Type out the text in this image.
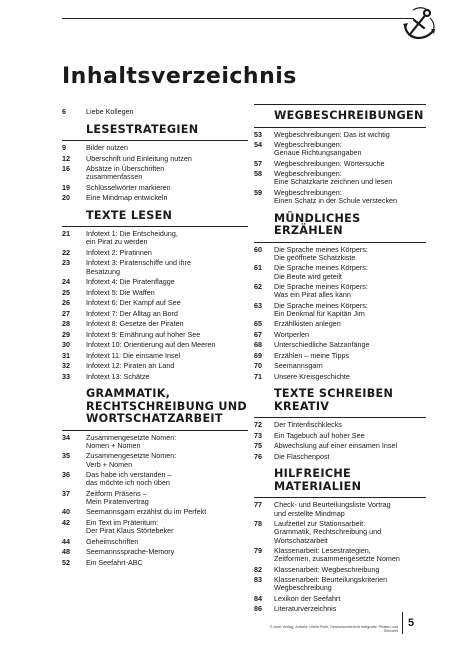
Inhaltsverzeichnis
6	Liebe Kollegen
LESESTRATEGIEN
9	Bilder nutzen
12	Überschrift und Einleitung nutzen
16	Absätze in Überschriften
zusammenfassen
19	Schlüsselwörter markieren
20	Eine Mindmap entwickeln
TEXTE LESEN
21	Infotext 1: Die Entscheidung,
ein Pirat zu werden
22	Infotext 2: Piratinnen
23	Infotext 3: Piratenschiffe und ihre
Besatzung
24	Infotext 4: Die Piratenflagge
25	Infotext 5: Die Waffen
26	Infotext 6: Der Kampf auf See
27	Infotext 7: Der Alltag an Bord
28	Infotext 8: Gesetze der Piraten
29	Infotext 9: Ernährung auf hoher See
30	Infotext 10: Orientierung auf den Meeren
31	Infotext 11: Die einsame Insel
32	Infotext 12: Piraten an Land
33	Infotext 13: Schätze
GRAMMATIK,
RECHTSCHREIBUNG UND
WORTSCHATZARBEIT
34	Zusammengesetzte Nomen:
Nomen + Nomen
35	Zusammengesetzte Nomen:
Verb + Nomen
36	Das habe ich verstanden –
das möchte ich noch üben
37	Zeitform Präsens –
Mein Piratenvertrag
40	Seemannsgarn erzählst du im Perfekt
42	Ein Text im Präteritum:
Der Pirat Klaus Störtebeker
44	Geheimschriften
48	Seemannssprache-Memory
52	Ein Seefahrt-ABC
WEGBESCHREIBUNGEN
53	Wegbeschreibungen: Das ist wichtig
54	Wegbeschreibungen:
Genaue Richtungsangaben
57	Wegbeschreibungen: Wörtersuche
58	Wegbeschreibungen:
Eine Schatzkarte zeichnen und lesen
59	Wegbeschreibungen:
Einen Schatz in der Schule verstecken
MÜNDLICHES ERZÄHLEN
60	Die Sprache meines Körpers:
Die geöffnete Schatzkiste
61	Die Sprache meines Körpers:
Die Beute wird geteilt
62	Die Sprache meines Körpers:
Was ein Pirat alles kann
63	Die Sprache meines Körpers:
Ein Denkmal für Kapitän Jim
65	Erzählkisten anlegen
67	Wortperlen
68	Unterschiedliche Satzanfänge
69	Erzählen – meine Tipps
70	Seemannsgarn
71	Unsere Kreisgeschichte
TEXTE SCHREIBEN KREATIV
72	Der Tintenfischklecks
73	Ein Tagebuch auf hoher See
75	Abwechslung auf einer einsamen Insel
76	Die Flaschenpost
HILFREICHE MATERIALIEN
77	Check- und Beurteilungsliste Vortrag
und erstellte Mindmap
78	Laufzettel zur Stationsarbeit:
Grammatik, Rechtschreibung und
Wortschatzarbeit
79	Klassenarbeit: Lesestrategien,
Zeitformen, zusammengesetzte Nomen
82	Klassenarbeit: Wegbeschreibung
83	Klassenarbeit: Beurteilungskriterien
Wegbeschreibung
84	Lexikon der Seefahrt
86	Literaturverzeichnis
© Auer Verlag, Autorin: Ulrike Rohr, Deutschunterricht integrativ: Piraten und Seefahrt
5
